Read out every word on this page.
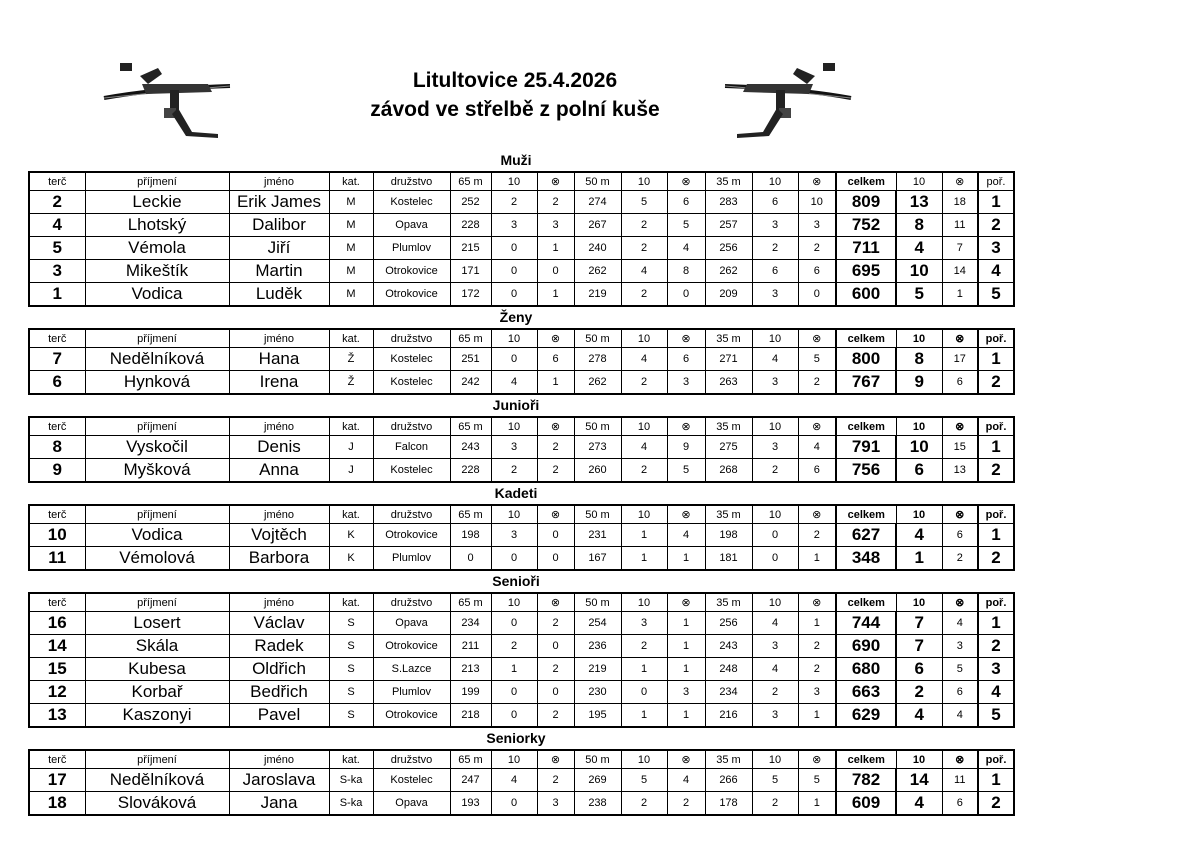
Litultovice 25.4.2026
závod ve střelbě z polní kuše
Muži
terč	příjmení	jméno	kat.	družstvo	65 m	10	⊗	50 m	10	⊗	35 m	10	⊗	celkem	10	⊗	poř.
2	Leckie	Erik James	M	Kostelec	252	2	2	274	5	6	283	6	10	809	13	18	1
4	Lhotský	Dalibor	M	Opava	228	3	3	267	2	5	257	3	3	752	8	11	2
5	Vémola	Jiří	M	Plumlov	215	0	1	240	2	4	256	2	2	711	4	7	3
3	Mikeštík	Martin	M	Otrokovice	171	0	0	262	4	8	262	6	6	695	10	14	4
1	Vodica	Luděk	M	Otrokovice	172	0	1	219	2	0	209	3	0	600	5	1	5
Ženy
terč	příjmení	jméno	kat.	družstvo	65 m	10	⊗	50 m	10	⊗	35 m	10	⊗	celkem	10	⊗	poř.
7	Nedělníková	Hana	Ž	Kostelec	251	0	6	278	4	6	271	4	5	800	8	17	1
6	Hynková	Irena	Ž	Kostelec	242	4	1	262	2	3	263	3	2	767	9	6	2
Junioři
terč	příjmení	jméno	kat.	družstvo	65 m	10	⊗	50 m	10	⊗	35 m	10	⊗	celkem	10	⊗	poř.
8	Vyskočil	Denis	J	Falcon	243	3	2	273	4	9	275	3	4	791	10	15	1
9	Myšková	Anna	J	Kostelec	228	2	2	260	2	5	268	2	6	756	6	13	2
Kadeti
terč	příjmení	jméno	kat.	družstvo	65 m	10	⊗	50 m	10	⊗	35 m	10	⊗	celkem	10	⊗	poř.
10	Vodica	Vojtěch	K	Otrokovice	198	3	0	231	1	4	198	0	2	627	4	6	1
11	Vémolová	Barbora	K	Plumlov	0	0	0	167	1	1	181	0	1	348	1	2	2
Senioři
terč	příjmení	jméno	kat.	družstvo	65 m	10	⊗	50 m	10	⊗	35 m	10	⊗	celkem	10	⊗	poř.
16	Losert	Václav	S	Opava	234	0	2	254	3	1	256	4	1	744	7	4	1
14	Skála	Radek	S	Otrokovice	211	2	0	236	2	1	243	3	2	690	7	3	2
15	Kubesa	Oldřich	S	S.Lazce	213	1	2	219	1	1	248	4	2	680	6	5	3
12	Korbař	Bedřich	S	Plumlov	199	0	0	230	0	3	234	2	3	663	2	6	4
13	Kaszonyi	Pavel	S	Otrokovice	218	0	2	195	1	1	216	3	1	629	4	4	5
Seniorky
terč	příjmení	jméno	kat.	družstvo	65 m	10	⊗	50 m	10	⊗	35 m	10	⊗	celkem	10	⊗	poř.
17	Nedělníková	Jaroslava	S-ka	Kostelec	247	4	2	269	5	4	266	5	5	782	14	11	1
18	Slováková	Jana	S-ka	Opava	193	0	3	238	2	2	178	2	1	609	4	6	2
